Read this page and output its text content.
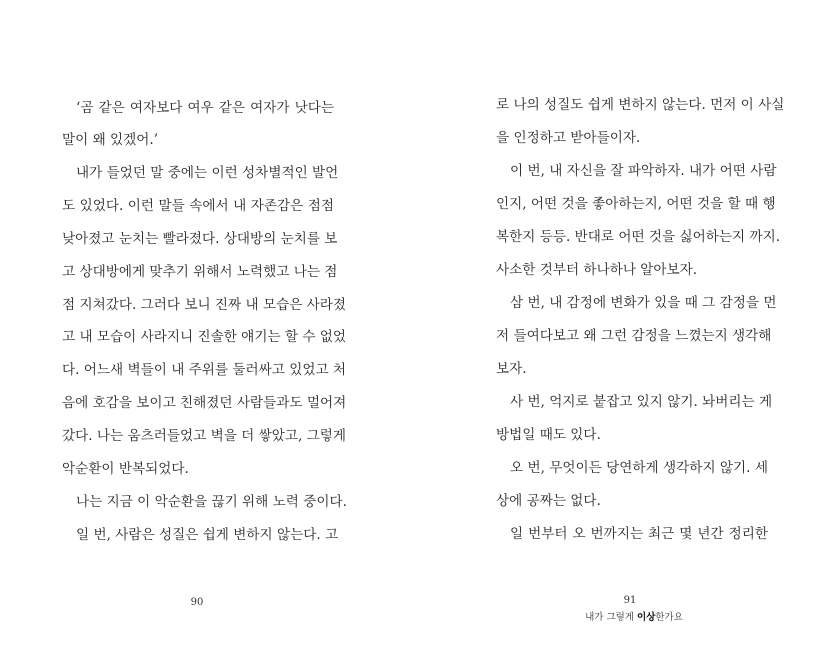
‘곰 같은 여자보다 여우 같은 여자가 낫다는
말이 왜 있겠어.’
내가 들었던 말 중에는 이런 성차별적인 발언
도 있었다. 이런 말들 속에서 내 자존감은 점점
낮아졌고 눈치는 빨라졌다. 상대방의 눈치를 보
고 상대방에게 맞추기 위해서 노력했고 나는 점
점 지쳐갔다. 그러다 보니 진짜 내 모습은 사라졌
고 내 모습이 사라지니 진솔한 얘기는 할 수 없었
다. 어느새 벽들이 내 주위를 둘러싸고 있었고 처
음에 호감을 보이고 친해졌던 사람들과도 멀어져
갔다. 나는 움츠러들었고 벽을 더 쌓았고, 그렇게
악순환이 반복되었다.
나는 지금 이 악순환을 끊기 위해 노력 중이다.
일 번, 사람은 성질은 쉽게 변하지 않는다. 고
90
로 나의 성질도 쉽게 변하지 않는다. 먼저 이 사실
을 인정하고 받아들이자.
이 번, 내 자신을 잘 파악하자. 내가 어떤 사람
인지, 어떤 것을 좋아하는지, 어떤 것을 할 때 행
복한지 등등. 반대로 어떤 것을 싫어하는지 까지.
사소한 것부터 하나하나 알아보자.
삼 번, 내 감정에 변화가 있을 때 그 감정을 먼
저 들여다보고 왜 그런 감정을 느꼈는지 생각해
보자.
사 번, 억지로 붙잡고 있지 않기. 놔버리는 게
방법일 때도 있다.
오 번, 무엇이든 당연하게 생각하지 않기. 세
상에 공짜는 없다.
일 번부터 오 번까지는 최근 몇 년간 정리한
91
내가 그렇게 이상한가요
